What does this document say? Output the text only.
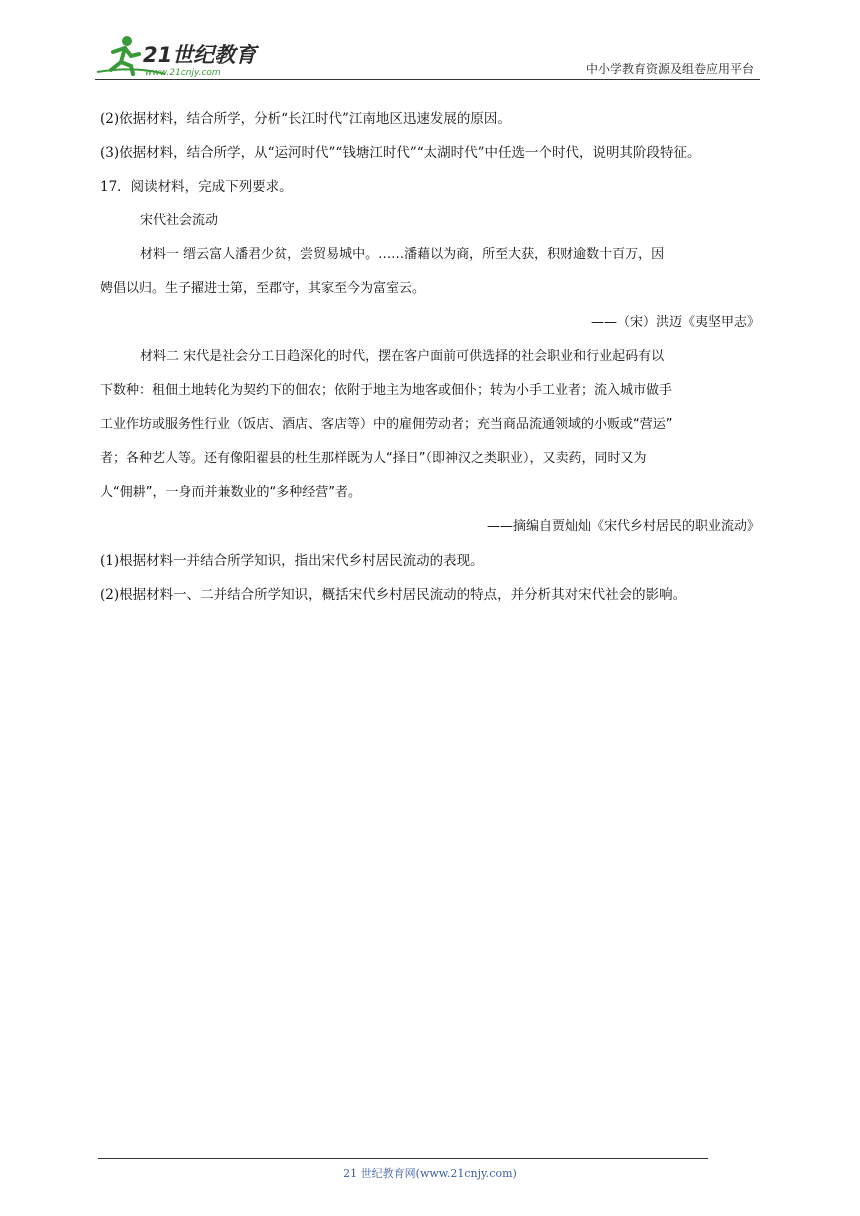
21世纪教育
www.21cnjy.com	中小学教育资源及组卷应用平台
(2)依据材料，结合所学，分析“长江时代”江南地区迅速发展的原因。
(3)依据材料，结合所学，从“运河时代”“钱塘江时代”“太湖时代”中任选一个时代，说明其阶段特征。
17．阅读材料，完成下列要求。
宋代社会流动
材料一 缙云富人潘君少贫，尝贸易城中。……潘藉以为商，所至大获，积财逾数十百万，因
娉倡以归。生子擢进士第，至郡守，其家至今为富室云。
——（宋）洪迈《夷坚甲志》
材料二 宋代是社会分工日趋深化的时代，摆在客户面前可供选择的社会职业和行业起码有以
下数种：租佃土地转化为契约下的佃农；依附于地主为地客或佃仆；转为小手工业者；流入城市做手
工业作坊或服务性行业（饭店、酒店、客店等）中的雇佣劳动者；充当商品流通领域的小贩或“营运”
者；各种艺人等。还有像阳翟县的杜生那样既为人“择日”（即神汉之类职业），又卖药，同时又为
人“佣耕”，一身而并兼数业的“多种经营”者。
——摘编自贾灿灿《宋代乡村居民的职业流动》
(1)根据材料一并结合所学知识，指出宋代乡村居民流动的表现。
(2)根据材料一、二并结合所学知识，概括宋代乡村居民流动的特点，并分析其对宋代社会的影响。
21 世纪教育网(www.21cnjy.com)
